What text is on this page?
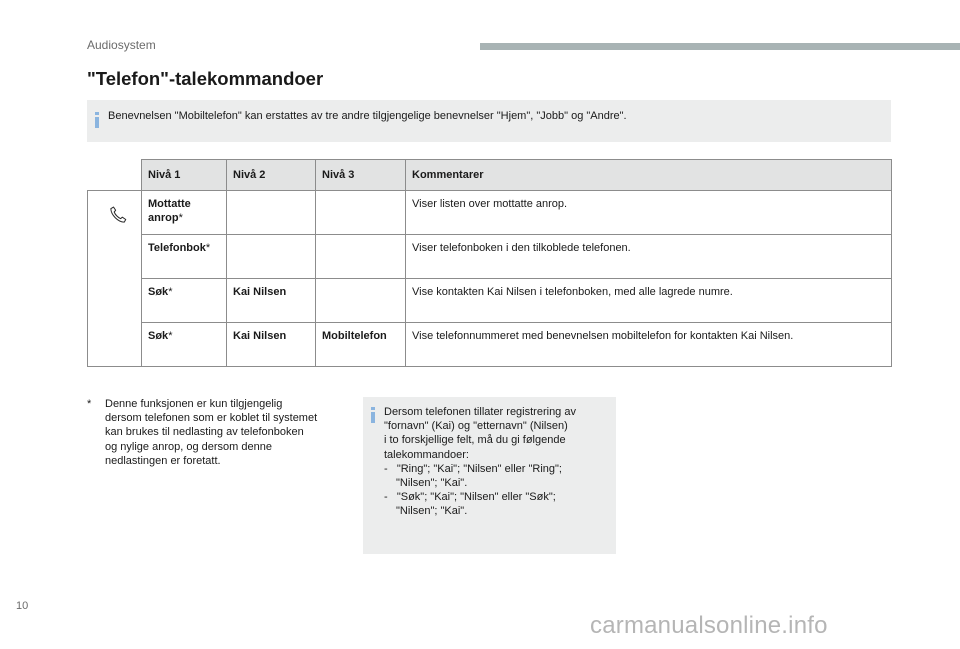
Audiosystem
"Telefon"-talekommandoer
Benevnelsen "Mobiltelefon" kan erstattes av tre andre tilgjengelige benevnelser "Hjem", "Jobb" og "Andre".
	Nivå 1	Nivå 2	Nivå 3	Kommentarer

	Mottatte
anrop*			Viser listen over mottatte anrop.
	Telefonbok*			Viser telefonboken i den tilkoblede telefonen.
	Søk*	Kai Nilsen		Vise kontakten Kai Nilsen i telefonboken, med alle lagrede numre.
	Søk*	Kai Nilsen	Mobiltelefon	Vise telefonnummeret med benevnelsen mobiltelefon for kontakten Kai Nilsen.
* Denne funksjonen er kun tilgjengelig
dersom telefonen som er koblet til systemet
kan brukes til nedlasting av telefonboken
og nylige anrop, og dersom denne
nedlastingen er foretatt.
Dersom telefonen tillater registrering av
"fornavn" (Kai) og "etternavn" (Nilsen)
i to forskjellige felt, må du gi følgende
talekommandoer:
-   "Ring"; "Kai"; "Nilsen" eller "Ring";
"Nilsen"; "Kai".
-   "Søk"; "Kai"; "Nilsen" eller "Søk";
"Nilsen"; "Kai".
10
carmanualsonline.info
